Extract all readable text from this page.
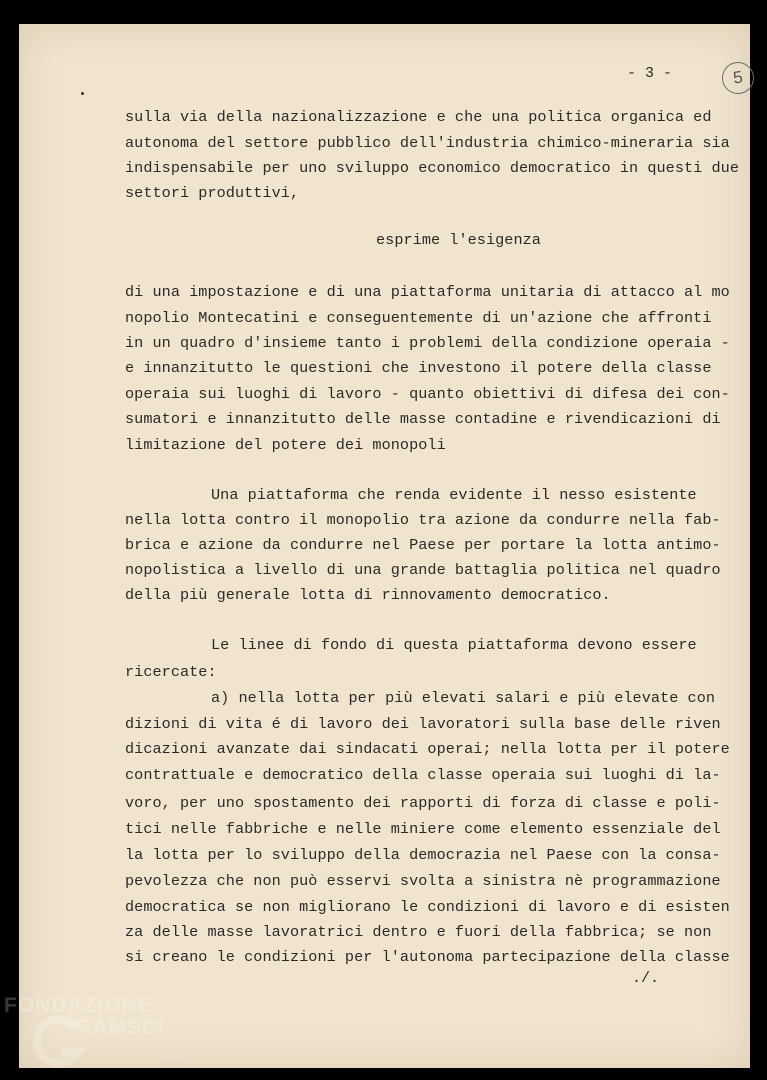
5
- 3 -
sulla via della nazionalizzazione e che una politica organica ed
autonoma del settore pubblico dell'industria chimico-mineraria sia
indispensabile per uno sviluppo economico democratico in questi due
settori produttivi,
esprime l'esigenza
di una impostazione e di una piattaforma unitaria di attacco al mo
nopolio Montecatini e conseguentemente di un'azione che affronti
in un quadro d'insieme tanto i problemi della condizione operaia -
e innanzitutto le questioni che investono il potere della classe
operaia sui luoghi di lavoro - quanto obiettivi di difesa dei con-
sumatori e innanzitutto delle masse contadine e rivendicazioni di
limitazione del potere dei monopoli
Una piattaforma che renda evidente il nesso esistente
nella lotta contro il monopolio tra azione da condurre nella fab-
brica e azione da condurre nel Paese per portare la lotta antimo-
nopolistica a livello di una grande battaglia politica nel quadro
della più generale lotta di rinnovamento democratico.
Le linee di fondo di questa piattaforma devono essere
ricercate:
a) nella lotta per più elevati salari e più elevate con
dizioni di vita é di lavoro dei lavoratori sulla base delle riven
dicazioni avanzate dai sindacati operai; nella lotta per il potere
contrattuale e democratico della classe operaia sui luoghi di la-
voro, per uno spostamento dei rapporti di forza di classe e poli-
tici nelle fabbriche e nelle miniere come elemento essenziale del
la lotta per lo sviluppo della democrazia nel Paese con la consa-
pevolezza che non può esservi svolta a sinistra nè programmazione
democratica se non migliorano le condizioni di lavoro e di esisten
za delle masse lavoratrici dentro e fuori della fabbrica; se non
si creano le condizioni per l'autonoma partecipazione della classe
./.
FONDAZIONE
RAMSCI
onlus
